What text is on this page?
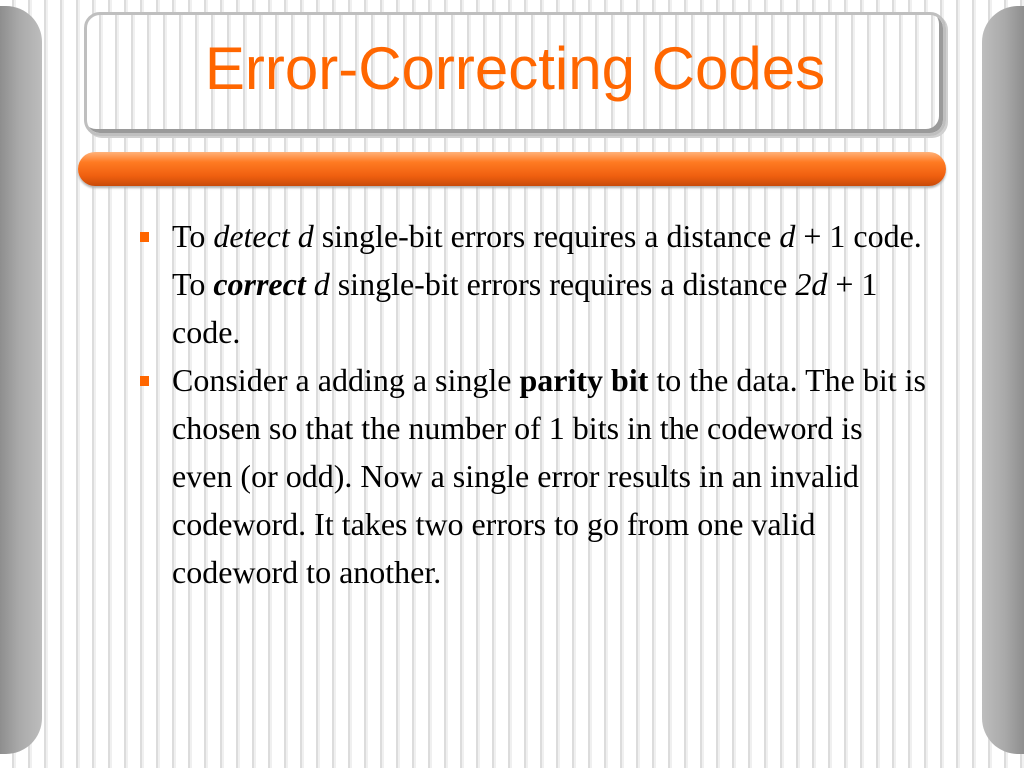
Error-Correcting Codes
To detect d single-bit errors requires a distance d + 1 code. To correct d single-bit errors requires a distance 2d + 1 code.
Consider a adding a single parity bit to the data. The bit is chosen so that the number of 1 bits in the codeword is even (or odd). Now a single error results in an invalid codeword. It takes two errors to go from one valid codeword to another.
